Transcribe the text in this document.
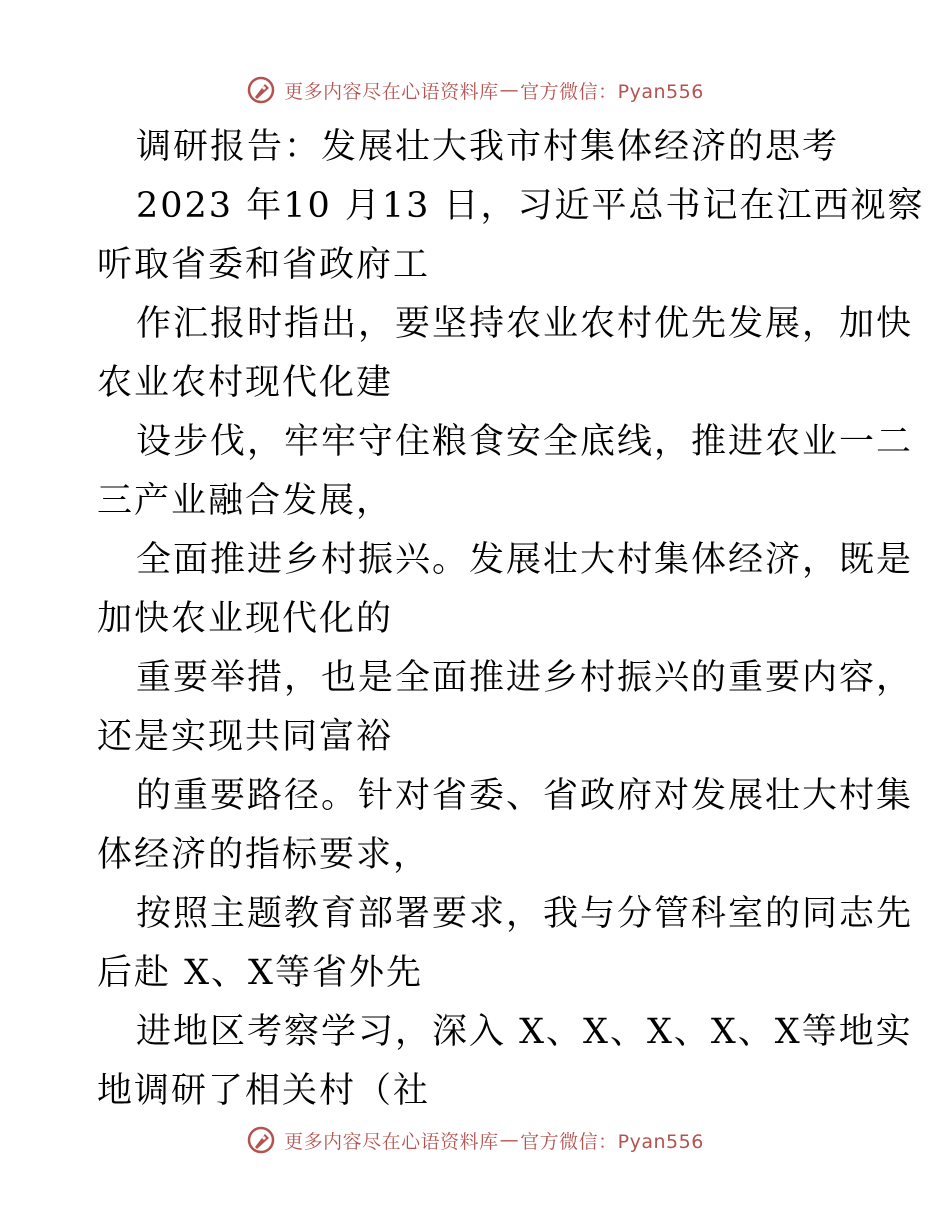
更多内容尽在心语资料库 — 官方微信：Pyan556
调研报告：发展壮大我市村集体经济的思考
2023 年10 月13 日，习近平总书记在江西视察
听取省委和省政府工
作汇报时指出，要坚持农业农村优先发展，加快
农业农村现代化建
设步伐，牢牢守住粮食安全底线，推进农业一二
三产业融合发展，
全面推进乡村振兴。发展壮大村集体经济，既是
加快农业现代化的
重要举措，也是全面推进乡村振兴的重要内容，
还是实现共同富裕
的重要路径。针对省委、省政府对发展壮大村集
体经济的指标要求，
按照主题教育部署要求，我与分管科室的同志先
后赴 X、X等省外先
进地区考察学习，深入 X、X、X、X、X等地实
地调研了相关村（社
更多内容尽在心语资料库 — 官方微信：Pyan556
